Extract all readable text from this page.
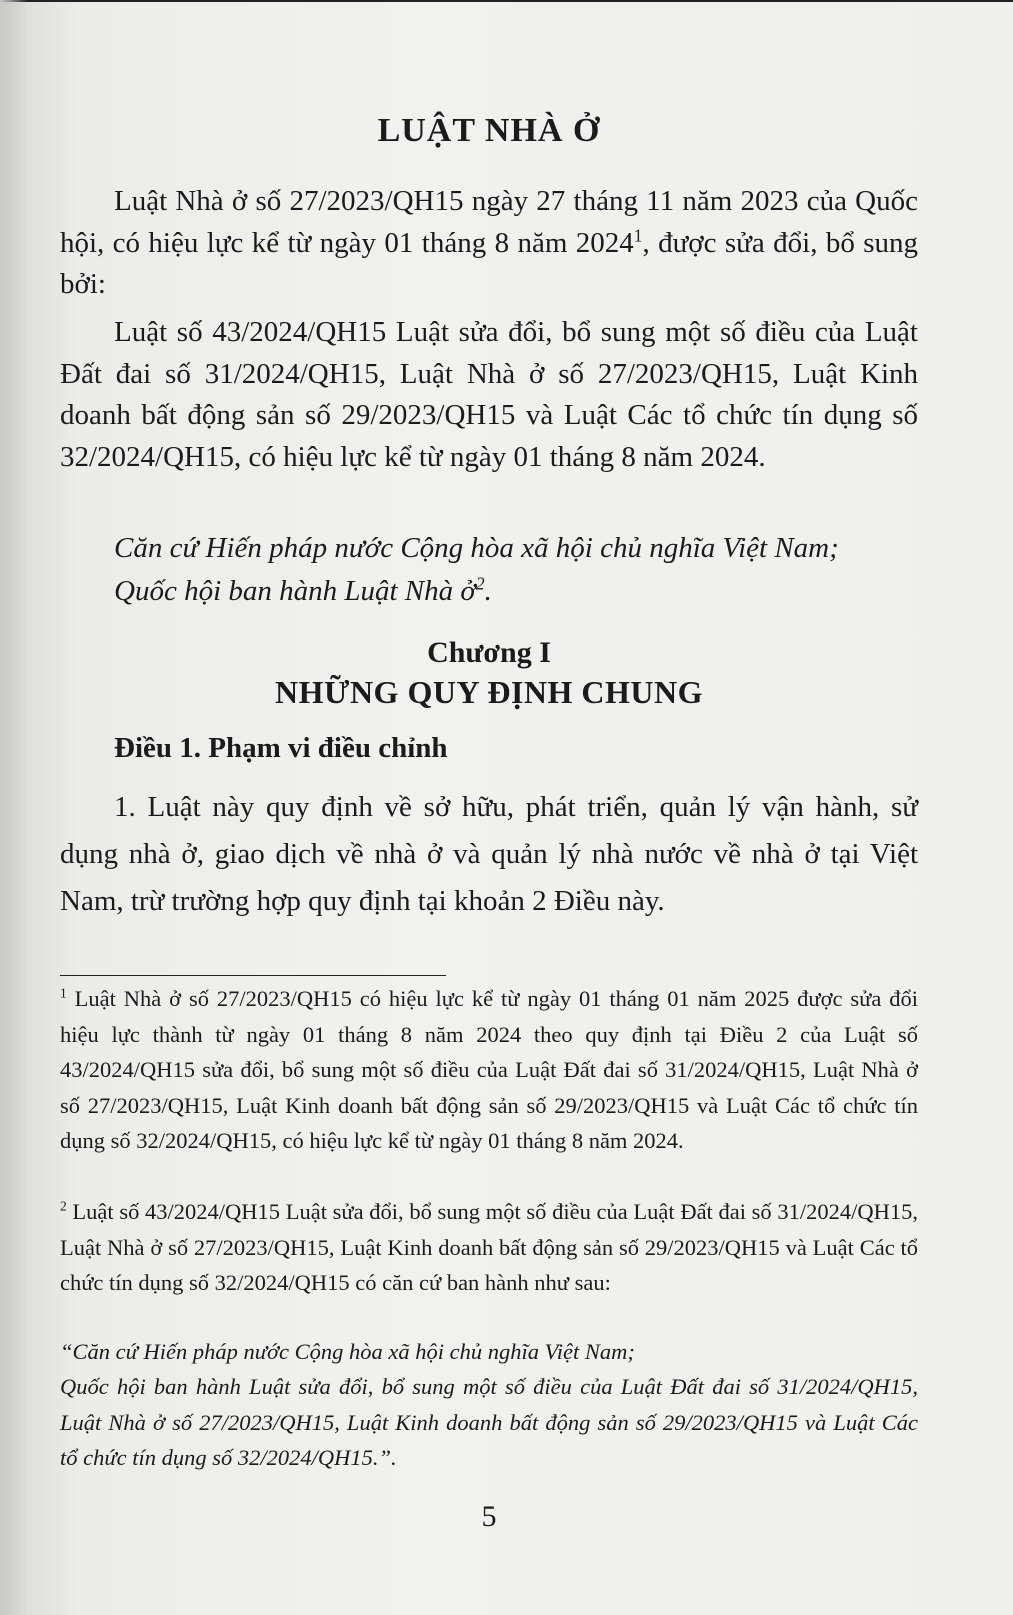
LUẬT NHÀ Ở

Luật Nhà ở số 27/2023/QH15 ngày 27 tháng 11 năm 2023 của Quốc hội, có hiệu lực kể từ ngày 01 tháng 8 năm 2024$^1$, được sửa đổi, bổ sung bởi:

Luật số 43/2024/QH15 Luật sửa đổi, bổ sung một số điều của Luật Đất đai số 31/2024/QH15, Luật Nhà ở số 27/2023/QH15, Luật Kinh doanh bất động sản số 29/2023/QH15 và Luật Các tổ chức tín dụng số 32/2024/QH15, có hiệu lực kể từ ngày 01 tháng 8 năm 2024.

Căn cứ Hiến pháp nước Cộng hòa xã hội chủ nghĩa Việt Nam;

Quốc hội ban hành Luật Nhà ở$^2$.

Chương I

NHỮNG QUY ĐỊNH CHUNG

Điều 1. Phạm vi điều chỉnh

1. Luật này quy định về sở hữu, phát triển, quản lý vận hành, sử dụng nhà ở, giao dịch về nhà ở và quản lý nhà nước về nhà ở tại Việt Nam, trừ trường hợp quy định tại khoản 2 Điều này.

$^1$ Luật Nhà ở số 27/2023/QH15 có hiệu lực kể từ ngày 01 tháng 01 năm 2025 được sửa đổi hiệu lực thành từ ngày 01 tháng 8 năm 2024 theo quy định tại Điều 2 của Luật số 43/2024/QH15 sửa đổi, bổ sung một số điều của Luật Đất đai số 31/2024/QH15, Luật Nhà ở số 27/2023/QH15, Luật Kinh doanh bất động sản số 29/2023/QH15 và Luật Các tổ chức tín dụng số 32/2024/QH15, có hiệu lực kể từ ngày 01 tháng 8 năm 2024.

$^2$ Luật số 43/2024/QH15 Luật sửa đổi, bổ sung một số điều của Luật Đất đai số 31/2024/QH15, Luật Nhà ở số 27/2023/QH15, Luật Kinh doanh bất động sản số 29/2023/QH15 và Luật Các tổ chức tín dụng số 32/2024/QH15 có căn cứ ban hành như sau:

“Căn cứ Hiến pháp nước Cộng hòa xã hội chủ nghĩa Việt Nam;

Quốc hội ban hành Luật sửa đổi, bổ sung một số điều của Luật Đất đai số 31/2024/QH15, Luật Nhà ở số 27/2023/QH15, Luật Kinh doanh bất động sản số 29/2023/QH15 và Luật Các tổ chức tín dụng số 32/2024/QH15.”.

5
